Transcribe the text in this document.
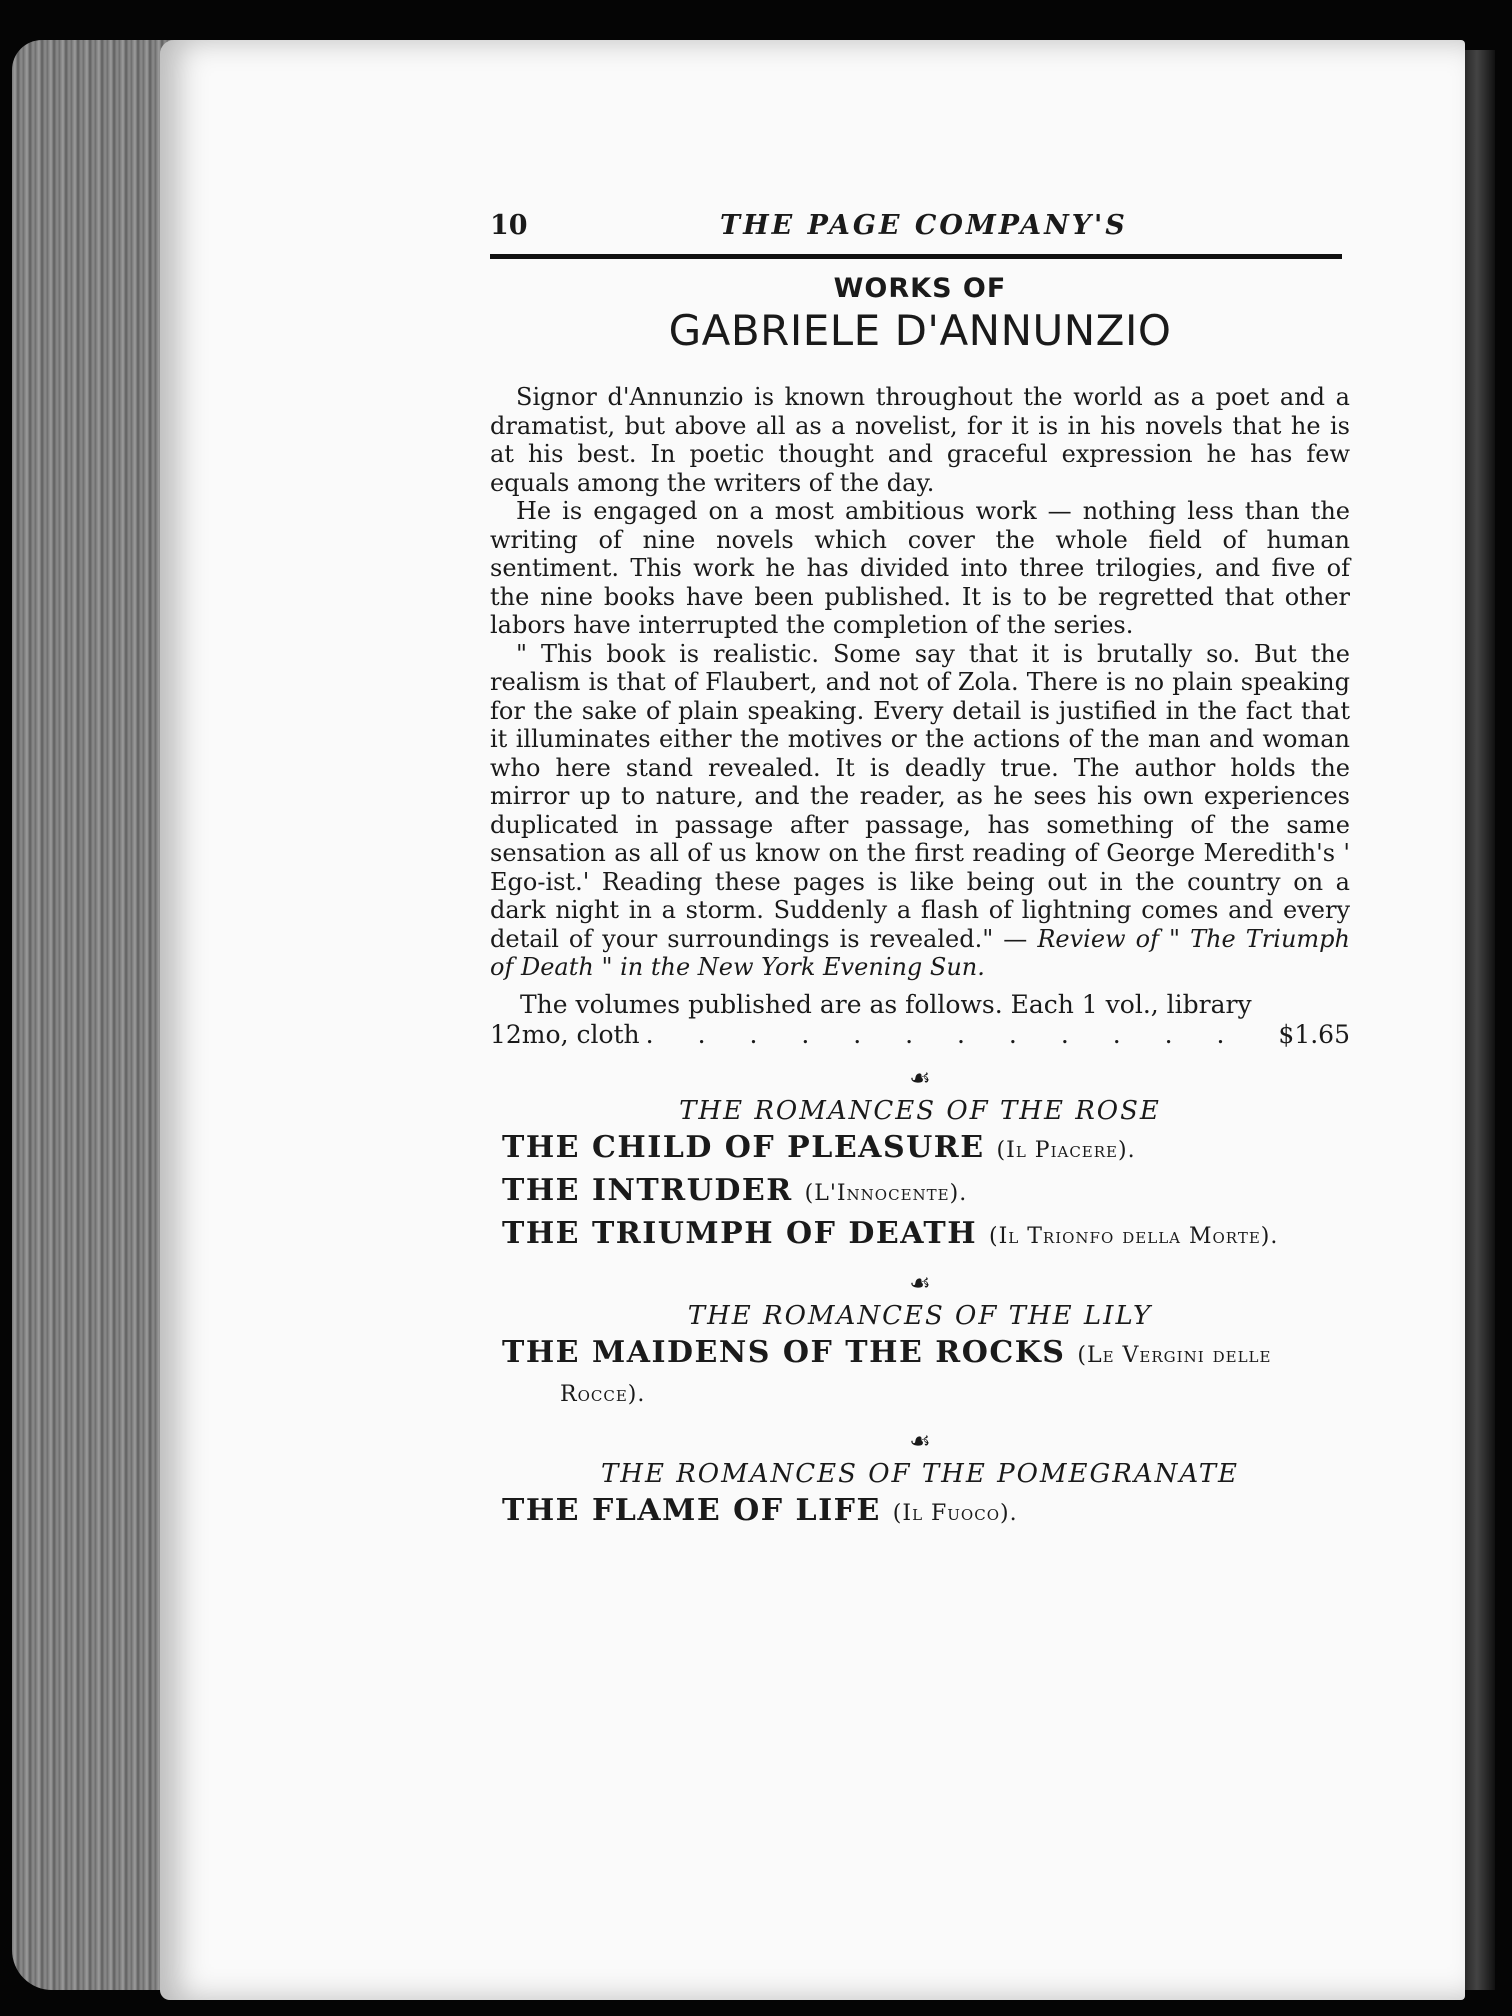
10	THE PAGE COMPANY'S
WORKS OF
GABRIELE D'ANNUNZIO

Signor d'Annunzio is known throughout the world as a poet and a dramatist, but above all as a novelist, for it is in his novels that he is at his best. In poetic thought and graceful expression he has few equals among the writers of the day.

He is engaged on a most ambitious work — nothing less than the writing of nine novels which cover the whole field of human sentiment. This work he has divided into three trilogies, and five of the nine books have been published. It is to be regretted that other labors have interrupted the completion of the series.

" This book is realistic. Some say that it is brutally so. But the realism is that of Flaubert, and not of Zola. There is no plain speaking for the sake of plain speaking. Every detail is justified in the fact that it illuminates either the motives or the actions of the man and woman who here stand revealed. It is deadly true. The author holds the mirror up to nature, and the reader, as he sees his own experiences duplicated in passage after passage, has something of the same sensation as all of us know on the first reading of George Meredith's ' Ego-ist.' Reading these pages is like being out in the country on a dark night in a storm. Suddenly a flash of lightning comes and every detail of your surroundings is revealed." — Review of " The Triumph of Death " in the New York Evening Sun.

The volumes published are as follows. Each 1 vol., library
12mo, cloth . . . . . . . . . . . .	$1.65
☙
THE ROMANCES OF THE ROSE
THE CHILD OF PLEASURE (Il Piacere).
THE INTRUDER (L'Innocente).
THE TRIUMPH OF DEATH (Il Trionfo della Morte).
☙
THE ROMANCES OF THE LILY
THE MAIDENS OF THE ROCKS (Le Vergini delle Rocce).
☙
THE ROMANCES OF THE POMEGRANATE
THE FLAME OF LIFE (Il Fuoco).
